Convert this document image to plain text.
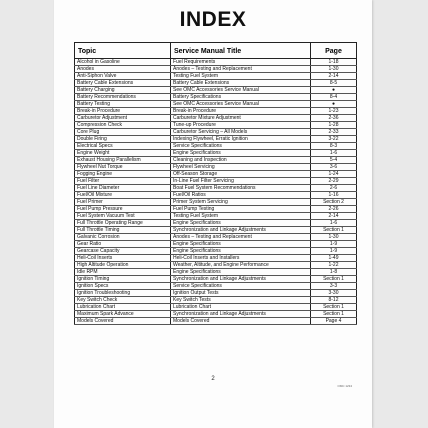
INDEX
Topic	Service Manual Title	Page
Alcohol in Gasoline	Fuel Requirements	1-18
Anodes	Anodes – Testing and Replacement	1-30
Anti-Siphon Valve	Testing Fuel System	2-14
Battery Cable Extensions	Battery Cable Extensions	8-5
Battery Charging	See OMC Accessories Service Manual	●
Battery Recommendations	Battery Specifications	8-4
Battery Testing	See OMC Accessories Service Manual	●
Break-in Procedure	Break-in Procedure	1-23
Carburetor Adjustment	Carburetor Mixture Adjustment	2-36
Compression Check	Tune-up Procedure	1-28
Core Plug	Carburetor Servicing – All Models	2-33
Double Firing	Indexing Flywheel, Erratic Ignition	3-22
Electrical Specs	Service Specifications	8-3
Engine Weight	Engine Specifications	1-6
Exhaust Housing Parallelism	Cleaning and Inspection	5-4
Flywheel Nut Torque	Flywheel Servicing	3-6
Fogging Engine	Off-Season Storage	1-24
Fuel Filter	In-Line Fuel Filter Servicing	2-29
Fuel Line Diameter	Boat Fuel System Recommendations	2-6
Fuel/Oil Mixture	Fuel/Oil Ratios	1-16
Fuel Primer	Primer System Servicing	Section 2
Fuel Pump Pressure	Fuel Pump Testing	2-26
Fuel System Vacuum Test	Testing Fuel System	2-14
Full Throttle Operating Range	Engine Specifications	1-6
Full Throttle Timing	Synchronization and Linkage Adjustments	Section 1
Galvanic Corrosion	Anodes – Testing and Replacement	1-30
Gear Ratio	Engine Specifications	1-9
Gearcase Capacity	Engine Specifications	1-9
Heli-Coil Inserts	Heli-Coil Inserts and Installers	1-49
High Altitude Operation	Weather, Altitude, and Engine Performance	1-22
Idle RPM	Engine Specifications	1-8
Ignition Timing	Synchronization and Linkage Adjustments	Section 1
Ignition Specs	Service Specifications	3-3
Ignition Troubleshooting	Ignition Output Tests	3-30
Key Switch Check	Key Switch Tests	8-12
Lubrication Chart	Lubrication Chart	Section 1
Maximum Spark Advance	Synchronization and Linkage Adjustments	Section 1
Models Covered	Models Covered	Page 4
2
OMC 1234
